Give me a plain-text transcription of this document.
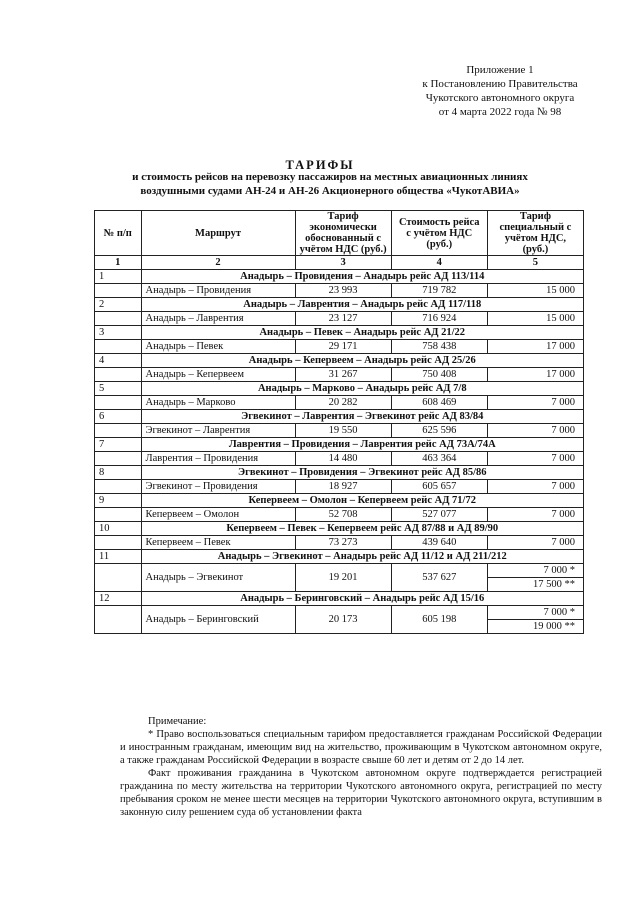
Приложение 1
к Постановлению Правительства
Чукотского автономного округа
от 4 марта 2022 года № 98
ТАРИФЫ
и стоимость рейсов на перевозку пассажиров на местных авиационных линиях
воздушными судами АН-24 и АН-26 Акционерного общества «ЧукотАВИА»
№ п/п	Маршрут	Тариф экономически обоснованный с учётом НДС (руб.)	Стоимость рейса с учётом НДС (руб.)	Тариф специальный с учётом НДС, (руб.)
1	2	3	4	5
1	Анадырь – Провидения – Анадырь рейс АД 113/114			
	Анадырь – Провидения	23 993	719 782	15 000
2	Анадырь – Лаврентия – Анадырь рейс АД 117/118			
	Анадырь – Лаврентия	23 127	716 924	15 000
3	Анадырь – Певек – Анадырь рейс АД 21/22			
	Анадырь – Певек	29 171	758 438	17 000
4	Анадырь – Кепервеем – Анадырь рейс АД 25/26			
	Анадырь – Кепервеем	31 267	750 408	17 000
5	Анадырь – Марково – Анадырь рейс АД 7/8			
	Анадырь – Марково	20 282	608 469	7 000
6	Эгвекинот – Лаврентия – Эгвекинот рейс АД 83/84			
	Эгвекинот – Лаврентия	19 550	625 596	7 000
7	Лаврентия – Провидения – Лаврентия рейс АД 73А/74А			
	Лаврентия – Провидения	14 480	463 364	7 000
8	Эгвекинот – Провидения – Эгвекинот рейс АД 85/86			
	Эгвекинот – Провидения	18 927	605 657	7 000
9	Кепервеем – Омолон – Кепервеем рейс АД 71/72			
	Кепервеем – Омолон	52 708	527 077	7 000
10	Кепервеем – Певек – Кепервеем рейс АД 87/88 и АД 89/90			
	Кепервеем – Певек	73 273	439 640	7 000
11	Анадырь – Эгвекинот – Анадырь рейс АД 11/12 и АД 211/212			
	Анадырь – Эгвекинот	19 201	537 627	7 000 *
				17 500 **
12	Анадырь – Беринговский – Анадырь рейс АД 15/16			
	Анадырь – Беринговский	20 173	605 198	7 000 *
				19 000 **

Примечание:

* Право воспользоваться специальным тарифом предоставляется гражданам Российской Федерации и иностранным гражданам, имеющим вид на жительство, проживающим в Чукотском автономном округе, а также гражданам Российской Федерации в возрасте свыше 60 лет и детям от 2 до 14 лет.

Факт проживания гражданина в Чукотском автономном округе подтверждается регистрацией гражданина по месту жительства на территории Чукотского автономного округа, регистрацией по месту пребывания сроком не менее шести месяцев на территории Чукотского автономного округа, вступившим в законную силу решением суда об установлении факта
